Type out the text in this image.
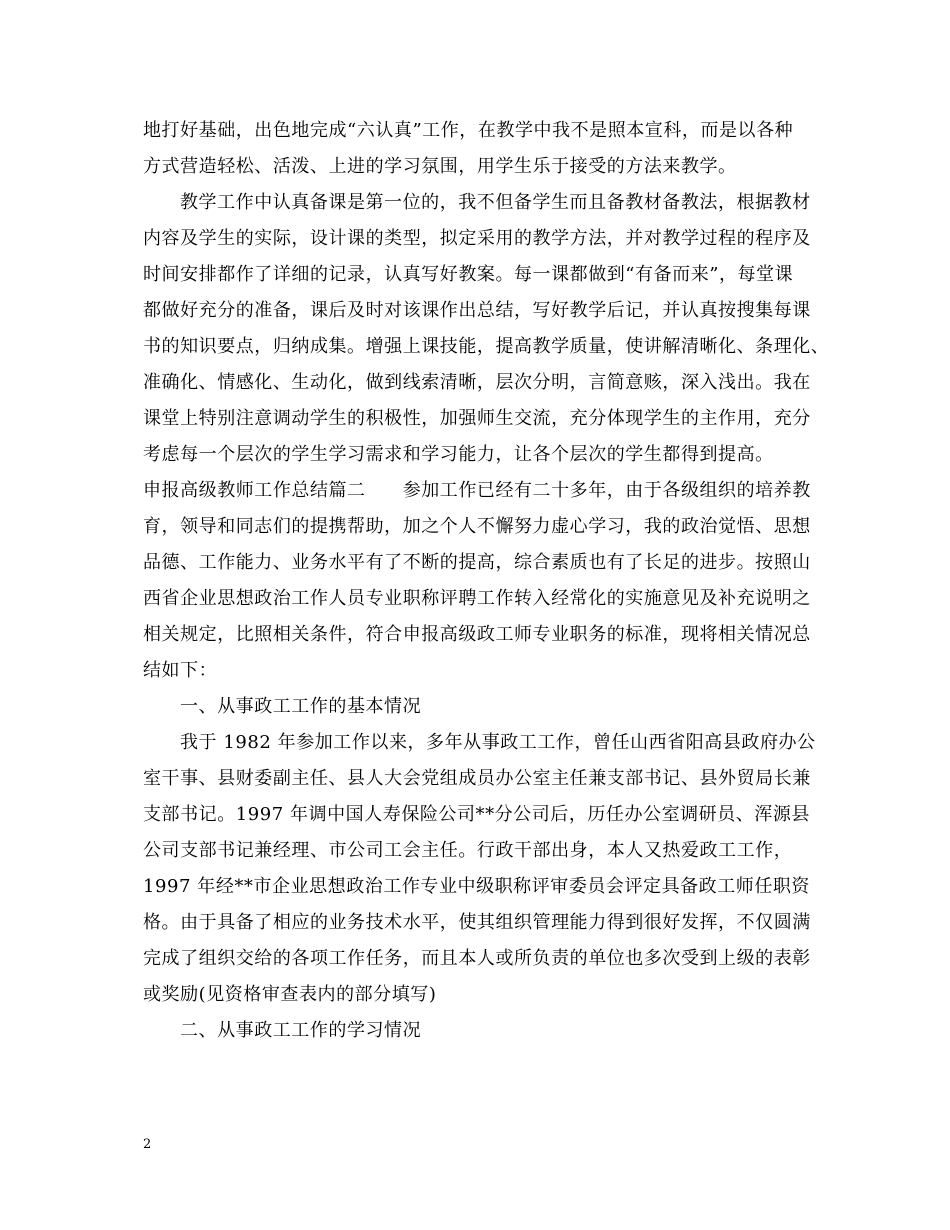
地打好基础，出色地完成“六认真”工作，在教学中我不是照本宣科，而是以各种
方式营造轻松、活泼、上进的学习氛围，用学生乐于接受的方法来教学。
教学工作中认真备课是第一位的，我不但备学生而且备教材备教法，根据教材
内容及学生的实际，设计课的类型，拟定采用的教学方法，并对教学过程的程序及
时间安排都作了详细的记录，认真写好教案。每一课都做到“有备而来”，每堂课
都做好充分的准备，课后及时对该课作出总结，写好教学后记，并认真按搜集每课
书的知识要点，归纳成集。增强上课技能，提高教学质量，使讲解清晰化、条理化、
准确化、情感化、生动化，做到线索清晰，层次分明，言简意赅，深入浅出。我在
课堂上特别注意调动学生的积极性，加强师生交流，充分体现学生的主作用，充分
考虑每一个层次的学生学习需求和学习能力，让各个层次的学生都得到提高。
申报高级教师工作总结篇二　　参加工作已经有二十多年，由于各级组织的培养教
育，领导和同志们的提携帮助，加之个人不懈努力虚心学习，我的政治觉悟、思想
品德、工作能力、业务水平有了不断的提高，综合素质也有了长足的进步。按照山
西省企业思想政治工作人员专业职称评聘工作转入经常化的实施意见及补充说明之
相关规定，比照相关条件，符合申报高级政工师专业职务的标准，现将相关情况总
结如下：
一、从事政工工作的基本情况
我于 1982 年参加工作以来，多年从事政工工作，曾任山西省阳高县政府办公
室干事、县财委副主任、县人大会党组成员办公室主任兼支部书记、县外贸局长兼
支部书记。1997 年调中国人寿保险公司**分公司后，历任办公室调研员、浑源县
公司支部书记兼经理、市公司工会主任。行政干部出身，本人又热爱政工工作，
1997 年经**市企业思想政治工作专业中级职称评审委员会评定具备政工师任职资
格。由于具备了相应的业务技术水平，使其组织管理能力得到很好发挥，不仅圆满
完成了组织交给的各项工作任务，而且本人或所负责的单位也多次受到上级的表彰
或奖励(见资格审查表内的部分填写)
二、从事政工工作的学习情况
2
